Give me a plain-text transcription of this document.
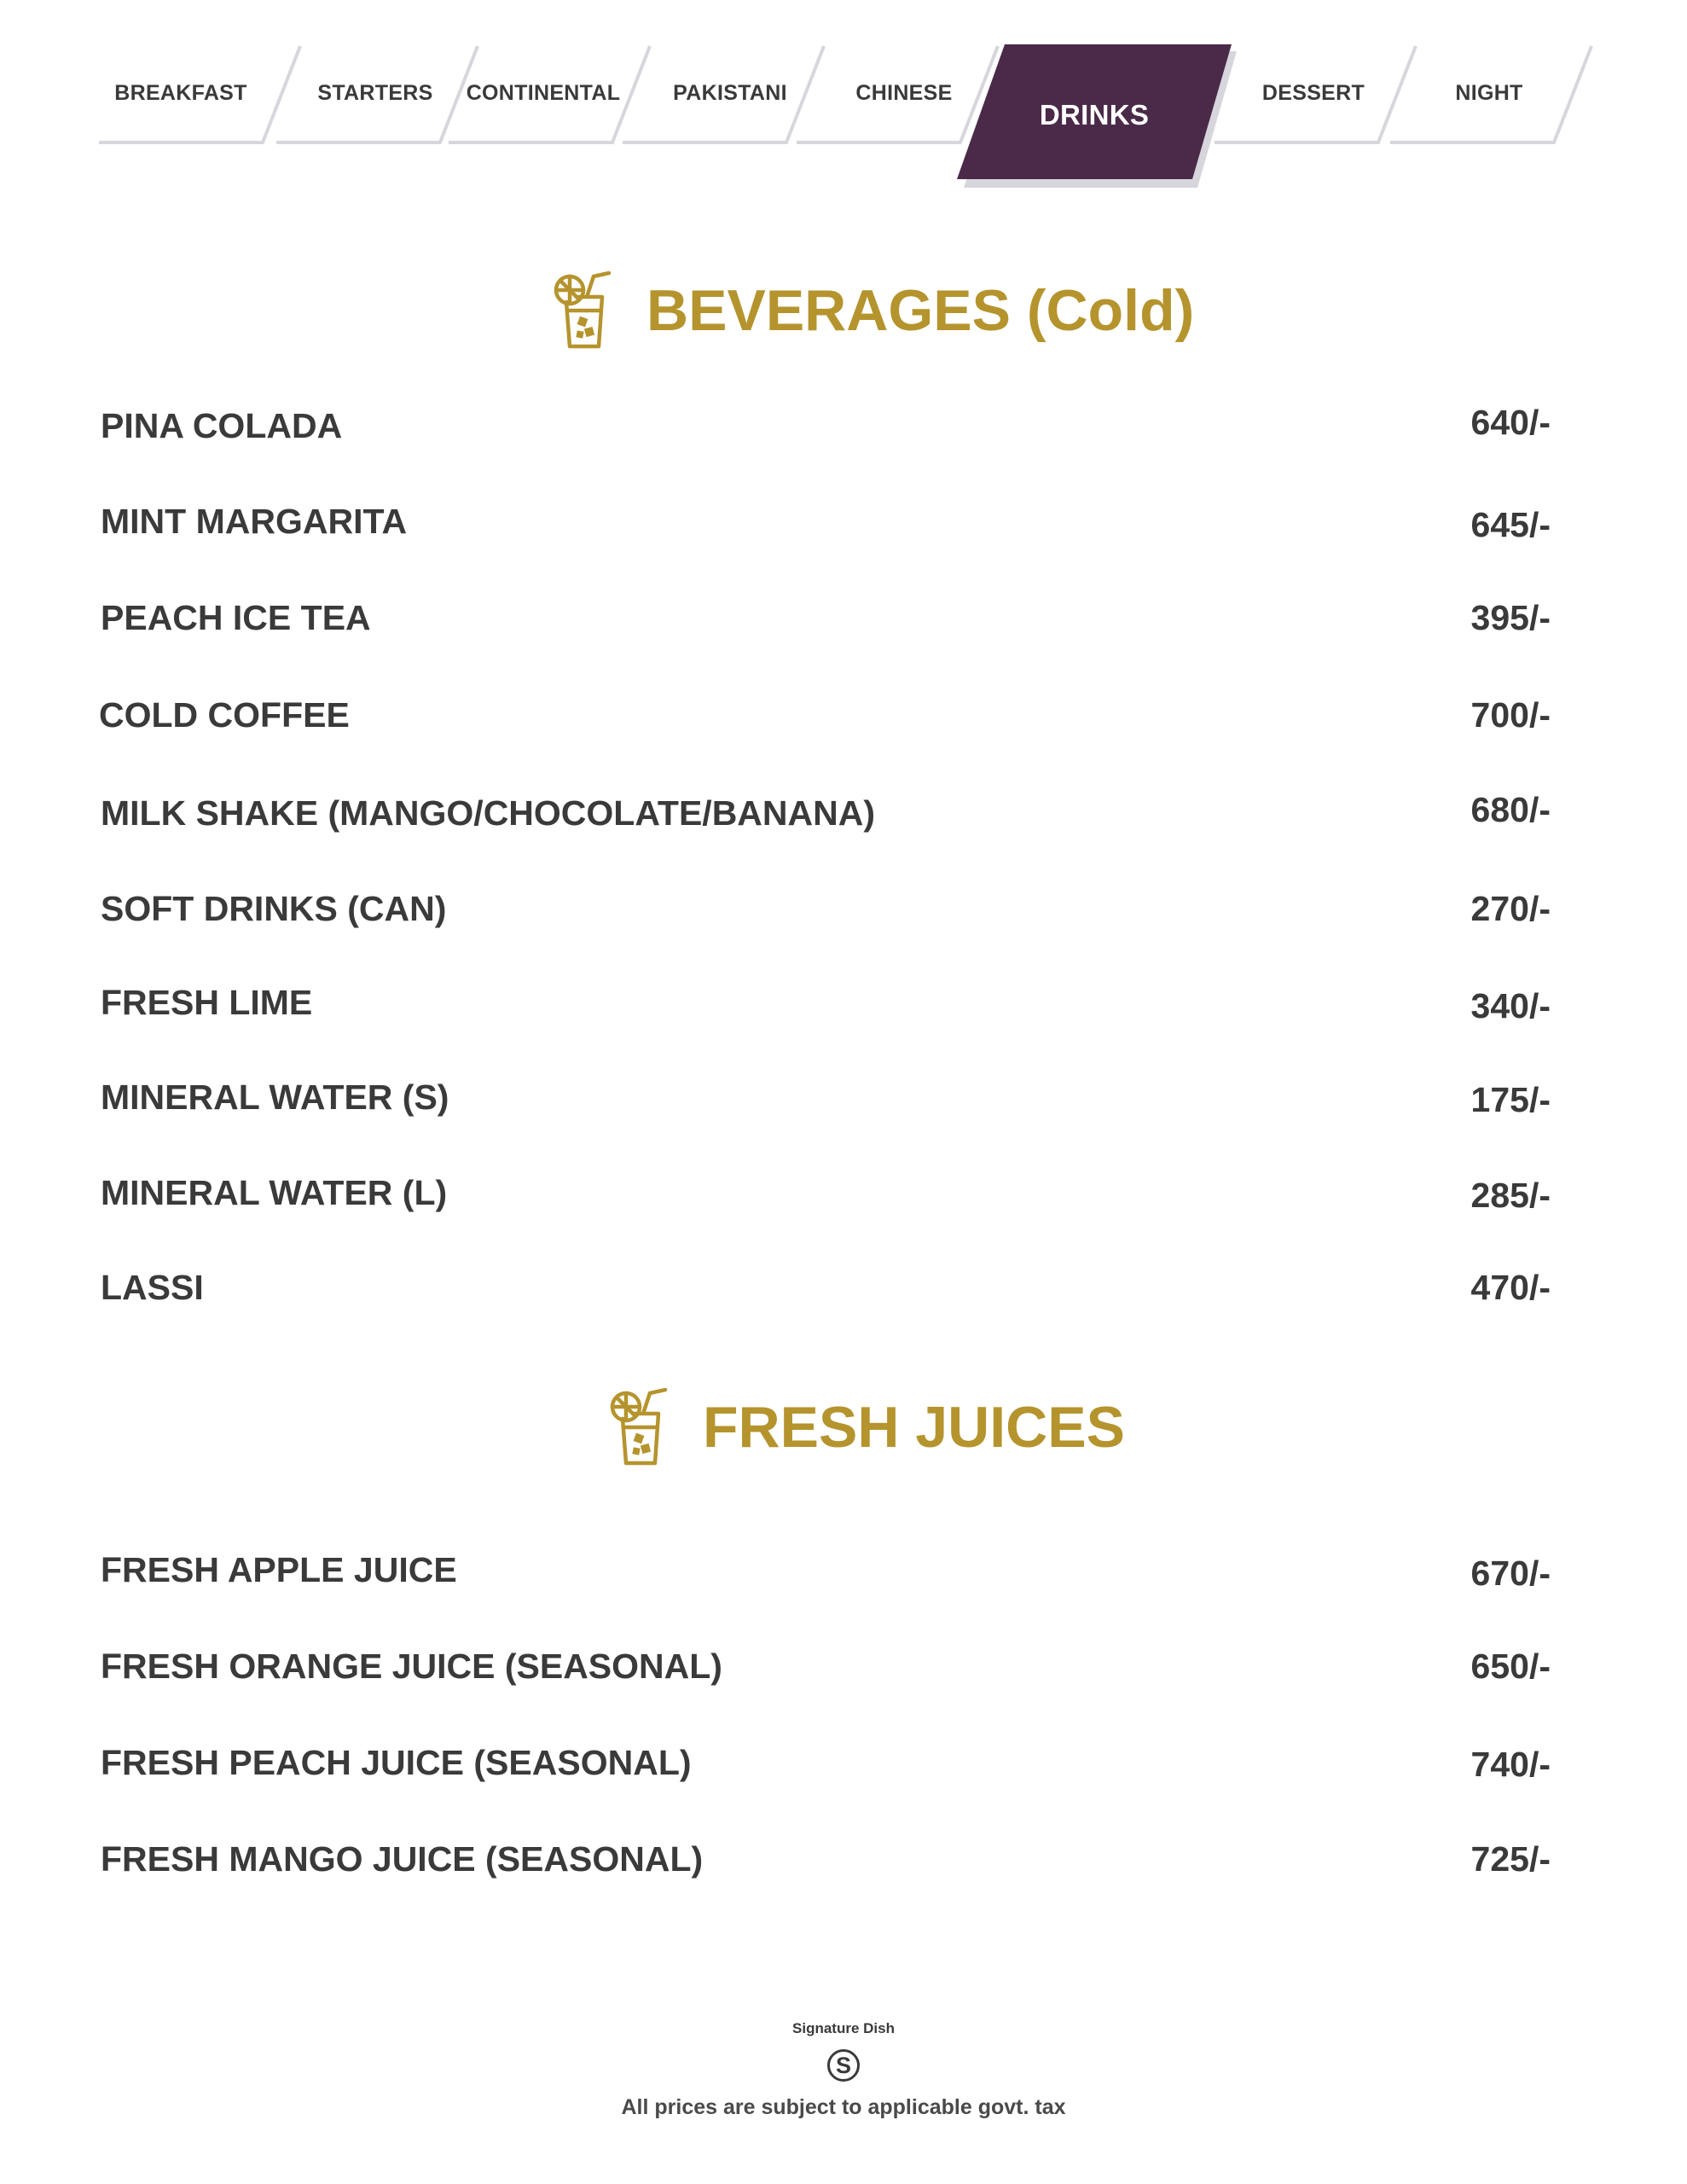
BREAKFAST	STARTERS	CONTINENTAL	PAKISTANI	CHINESE
DRINKS
DESSERT	NIGHT
BEVERAGES (Cold)
PINA COLADA	640/-
MINT MARGARITA	645/-
PEACH ICE TEA	395/-
COLD COFFEE	700/-
MILK SHAKE (MANGO/CHOCOLATE/BANANA)	680/-
SOFT DRINKS (CAN)	270/-
FRESH LIME	340/-
MINERAL WATER (S)	175/-
MINERAL WATER (L)	285/-
LASSI	470/-
FRESH JUICES
FRESH APPLE JUICE	670/-
FRESH ORANGE JUICE (SEASONAL)	650/-
FRESH PEACH JUICE (SEASONAL)	740/-
FRESH MANGO JUICE (SEASONAL)	725/-
Signature Dish
S
All prices are subject to applicable govt. tax
